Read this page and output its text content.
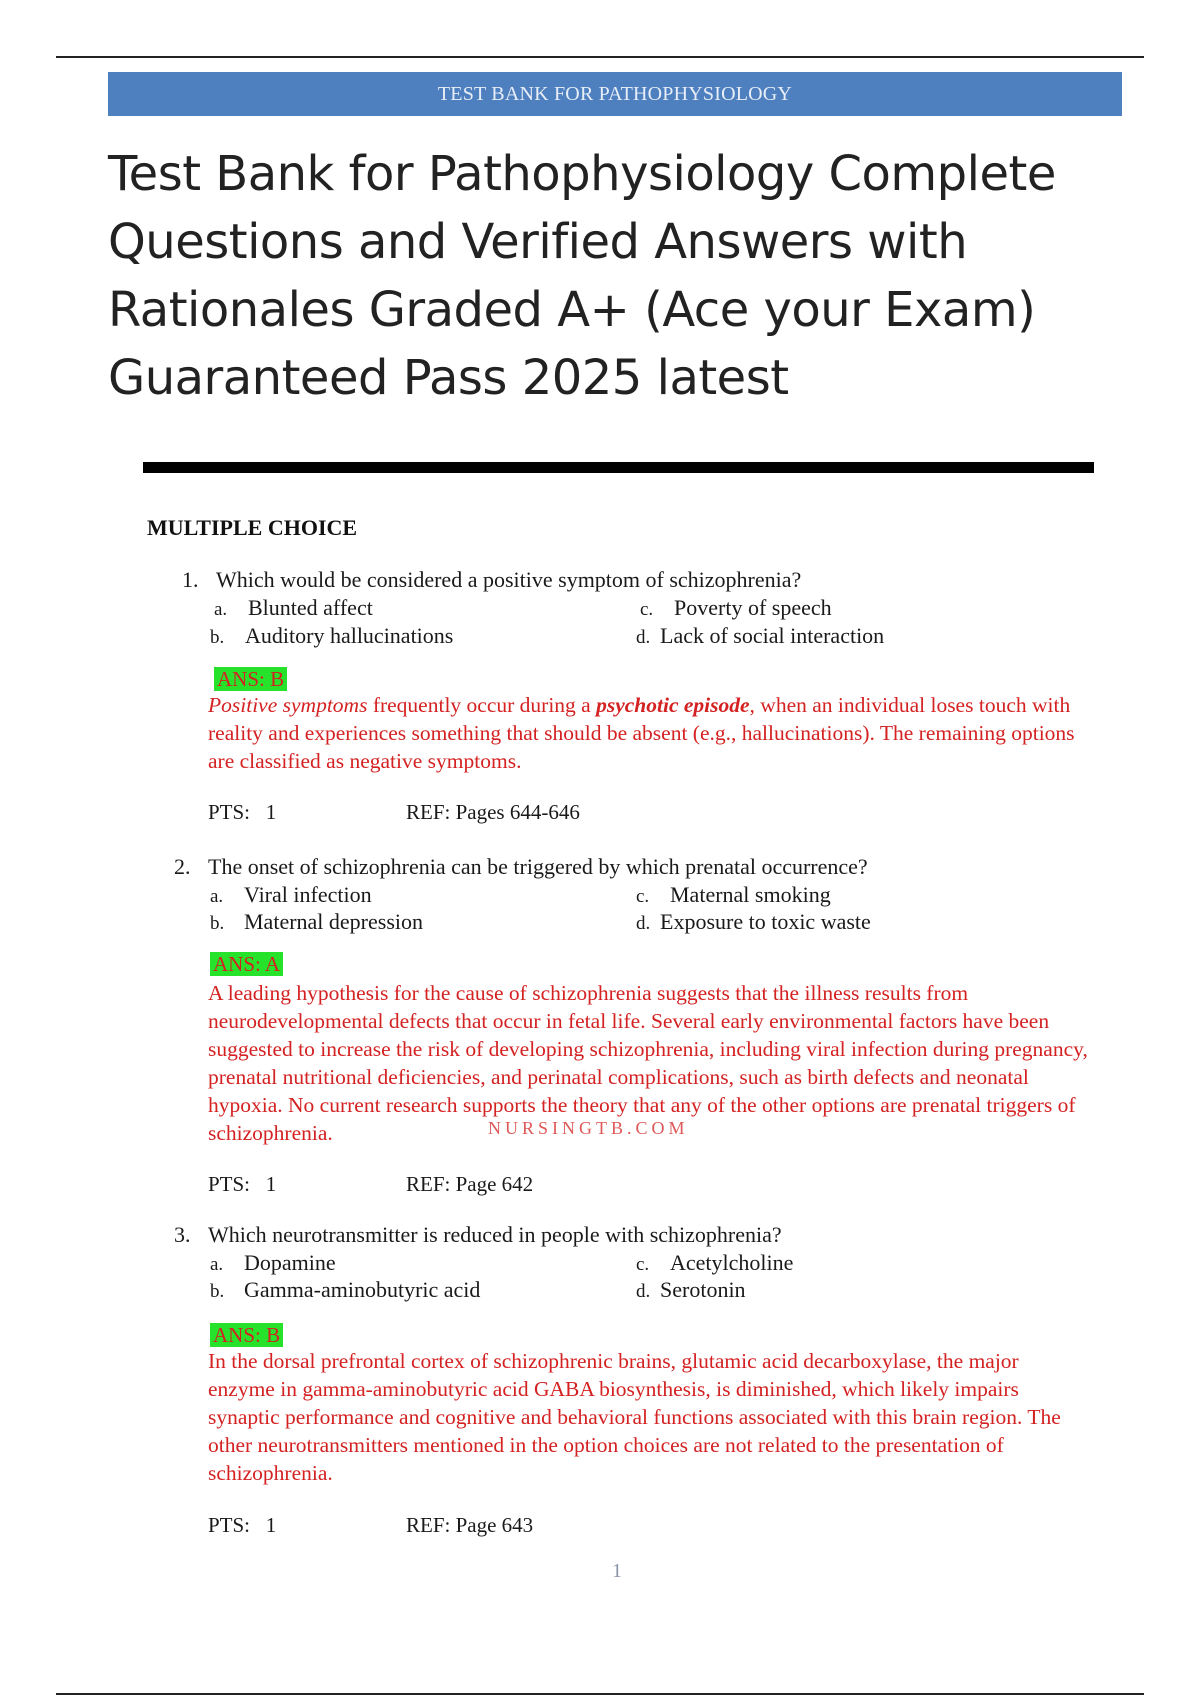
TEST BANK FOR PATHOPHYSIOLOGY
Test Bank for Pathophysiology Complete Questions and Verified Answers with Rationales Graded A+ (Ace your Exam) Guaranteed Pass 2025 latest
MULTIPLE CHOICE
1. Which would be considered a positive symptom of schizophrenia?
a. Blunted affect
b. Auditory hallucinations
c. Poverty of speech
d. Lack of social interaction
ANS: B

Positive symptoms frequently occur during a psychotic episode, when an individual loses touch with reality and experiences something that should be absent (e.g., hallucinations). The remaining options are classified as negative symptoms.

PTS: 1	REF: Pages 644-646
2. The onset of schizophrenia can be triggered by which prenatal occurrence?
a. Viral infection
b. Maternal depression
c. Maternal smoking
d. Exposure to toxic waste
ANS: A

A leading hypothesis for the cause of schizophrenia suggests that the illness results from neurodevelopmental defects that occur in fetal life. Several early environmental factors have been suggested to increase the risk of developing schizophrenia, including viral infection during pregnancy, prenatal nutritional deficiencies, and perinatal complications, such as birth defects and neonatal hypoxia. No current research supports the theory that any of the other options are prenatal triggers of schizophrenia.

PTS: 1	REF: Page 642
NURSINGTB.COM
3. Which neurotransmitter is reduced in people with schizophrenia?
a. Dopamine
b. Gamma-aminobutyric acid
c. Acetylcholine
d. Serotonin
ANS: B

In the dorsal prefrontal cortex of schizophrenic brains, glutamic acid decarboxylase, the major enzyme in gamma-aminobutyric acid GABA biosynthesis, is diminished, which likely impairs synaptic performance and cognitive and behavioral functions associated with this brain region. The other neurotransmitters mentioned in the option choices are not related to the presentation of schizophrenia.

PTS: 1	REF: Page 643
1
